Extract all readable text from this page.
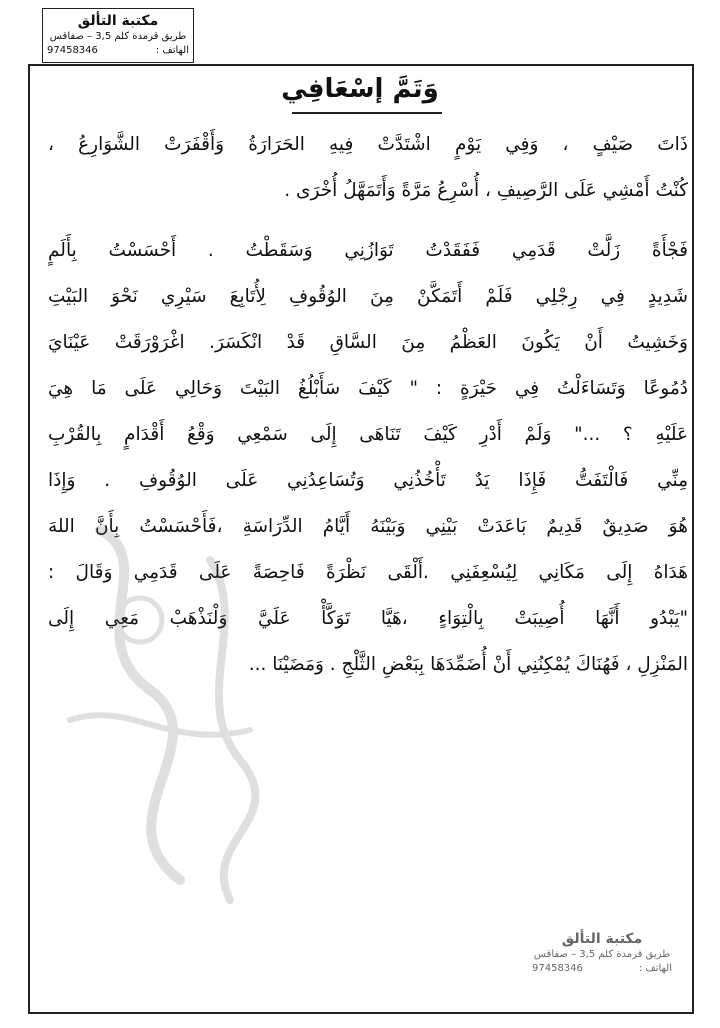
مكتبة التألق
طريق قرمدة كلم 3,5 – صفاقس
الهاتف :
97458346
وَتَمَّ إسْعَافِي
ذَاتَ صَيْفٍ ، وَفِي يَوْمٍ اشْتَدَّتْ فِيهِ الحَرَارَةُ وَأَقْفَرَتْ الشَّوَارِعُ ،
كُنْتُ أَمْشِي عَلَى الرَّصِيفِ ، أُسْرِعُ مَرَّةً وَأَتَمَهَّلُ أُخْرَى .
فَجْأَةً زَلَّتْ قَدَمِي فَفَقَدْتُ تَوَازُنِي وَسَقَطْتُ . أَحْسَسْتُ بِأَلَمٍ
شَدِيدٍ فِي رِجْلِي فَلَمْ أَتَمَكَّنْ مِنَ الوُقُوفِ لِأُتَابِعَ سَيْرِي نَحْوَ البَيْتِ
وَخَشِيتُ أَنْ يَكُونَ العَظْمُ مِنَ السَّاقِ قَدْ انْكَسَرَ. اغْرَوْرَقَتْ عَيْنَايَ
دُمُوعًا وَتَسَاءَلْتُ فِي حَيْرَةٍ : " كَيْفَ سَأَبْلُغُ البَيْتَ وَحَالِي عَلَى مَا هِيَ
عَلَيْهِ ؟ ..." وَلَمْ أَدْرِ كَيْفَ تَنَاهَى إِلَى سَمْعِي وَقْعُ أَقْدَامٍ بِالقُرْبِ
مِنِّي فَالْتَفَتُّ فَإِذَا يَدٌ تَأْخُذُنِي وَتُسَاعِدُنِي عَلَى الوُقُوفِ . وَإِذَا
هُوَ صَدِيقٌ قَدِيمٌ بَاعَدَتْ بَيْنِي وَبَيْنَهُ أَيَّامُ الدِّرَاسَةِ ،فَأَحْسَسْتُ بِأَنَّ اللهَ
هَدَاهُ إِلَى مَكَانِي لِيُسْعِفَنِي .أَلْقَى نَظْرَةً فَاحِصَةً عَلَى قَدَمِي وَقَالَ :
"يَبْدُو أَنَّهَا أُصِيبَتْ بِالْتِوَاءٍ ،هَيَّا تَوَكَّأْ عَلَيَّ وَلْنَذْهَبْ مَعِي إِلَى
المَنْزِلِ ، فَهُنَاكَ يُمْكِنُنِي أَنْ أُضَمِّدَهَا بِبَعْضِ الثَّلْجِ . وَمَضَيْنَا ...
مكتبة التألق
طريق قرمدة كلم 3,5 – صفاقس
الهاتف :
97458346
